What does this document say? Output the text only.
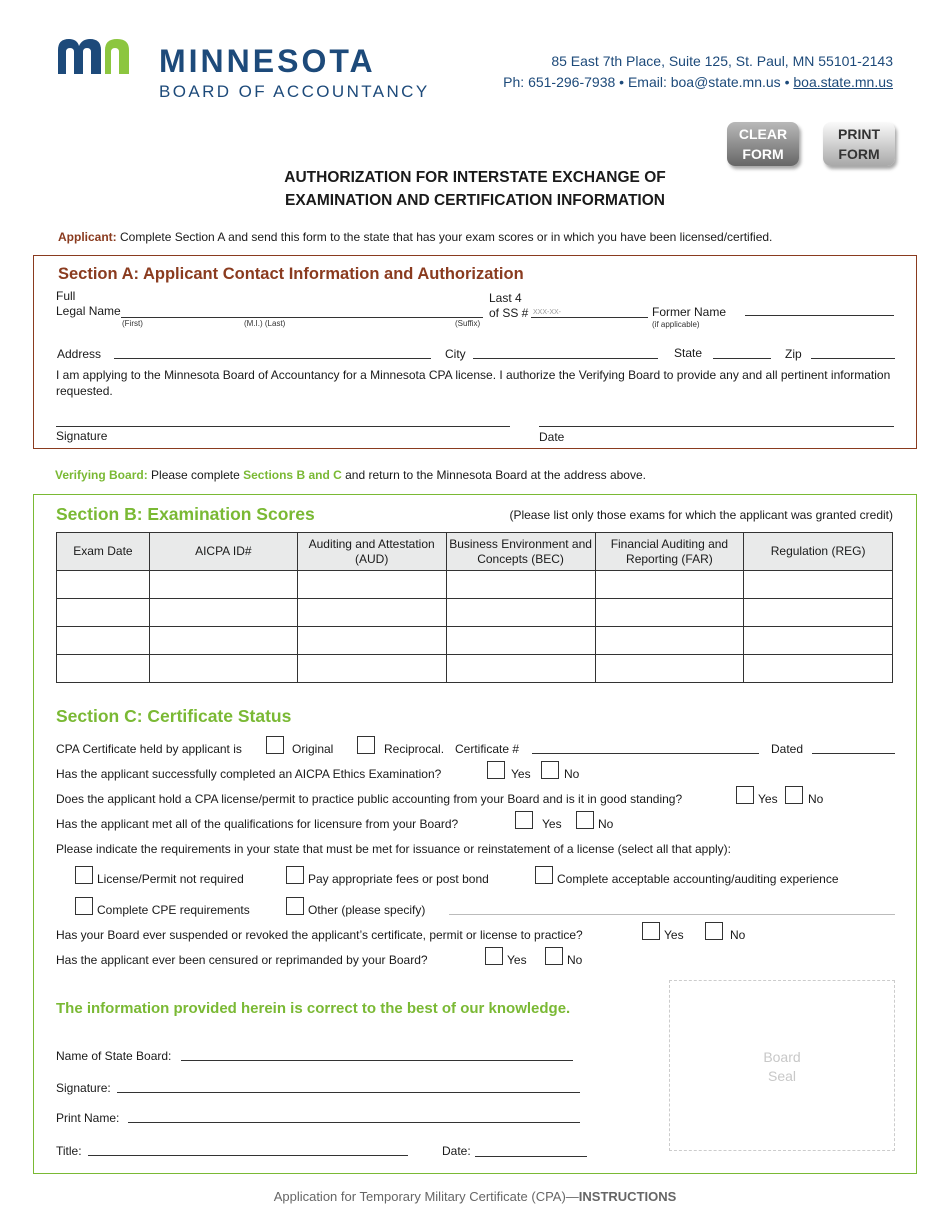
MINNESOTA
BOARD OF ACCOUNTANCY
85 East 7th Place, Suite 125, St. Paul, MN 55101-2143
Ph: 651-296-7938 • Email: boa@state.mn.us • boa.state.mn.us
CLEAR
FORM
PRINT
FORM
AUTHORIZATION FOR INTERSTATE EXCHANGE OF
EXAMINATION AND CERTIFICATION INFORMATION
Applicant: Complete Section A and send this form to the state that has your exam scores or in which you have been licensed/certified.
Section A: Applicant Contact Information and Authorization
Full
Legal Name
(First)	(M.I.) (Last)	(Suffix)
Last 4
of SS # XXX-XX-	Former Name
(if applicable)
Address	City	State	Zip
I am applying to the Minnesota Board of Accountancy for a Minnesota CPA license. I authorize the Verifying Board to provide any and all pertinent information requested.
Signature	Date
Verifying Board: Please complete Sections B and C and return to the Minnesota Board at the address above.
Section B: Examination Scores	(Please list only those exams for which the applicant was granted credit)
Exam Date	AICPA ID#	Auditing and Attestation (AUD)	Business Environment and Concepts (BEC)	Financial Auditing and Reporting (FAR)	Regulation (REG)

Section C: Certificate Status
CPA Certificate held by applicant is	Original	Reciprocal. Certificate #	Dated
Has the applicant successfully completed an AICPA Ethics Examination?	Yes	No
Does the applicant hold a CPA license/permit to practice public accounting from your Board and is it in good standing?	Yes	No
Has the applicant met all of the qualifications for licensure from your Board?	Yes	No
Please indicate the requirements in your state that must be met for issuance or reinstatement of a license (select all that apply):
License/Permit not required	Pay appropriate fees or post bond	Complete acceptable accounting/auditing experience
Complete CPE requirements	Other (please specify)
Has your Board ever suspended or revoked the applicant’s certificate, permit or license to practice?	Yes	No
Has the applicant ever been censured or reprimanded by your Board?	Yes	No
The information provided herein is correct to the best of our knowledge.
Name of State Board:
Signature:
Print Name:
Title:	Date:
Board
Seal
Application for Temporary Military Certificate (CPA)—INSTRUCTIONS
